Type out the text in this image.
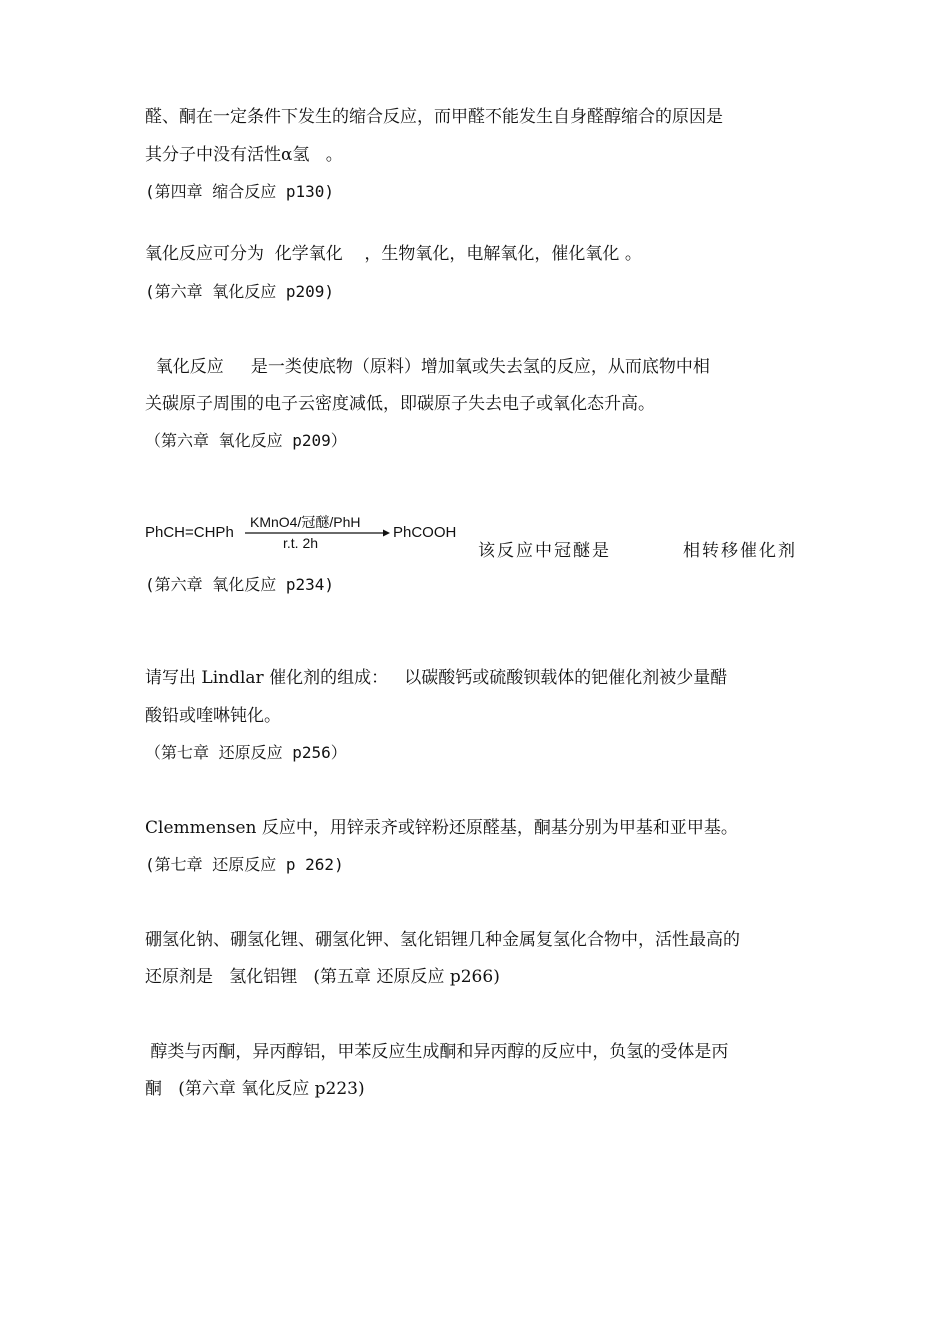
醛、酮在一定条件下发生的缩合反应，而甲醛不能发生自身醛醇缩合的原因是
其分子中没有活性α氢   。
(第四章 缩合反应 p130)
氧化反应可分为  化学氧化    ，生物氧化，电解氧化，催化氧化 。
(第六章 氧化反应 p209)
氧化反应     是一类使底物（原料）增加氧或失去氢的反应，从而底物中相
关碳原子周围的电子云密度减低，即碳原子失去电子或氧化态升高。
（第六章 氧化反应 p209）
PhCH=CHPh
KMnO4/冠醚/PhH
r.t. 2h
PhCOOH
该反应中冠醚是	相转移催化剂
(第六章 氧化反应 p234)
请写出 Lindlar 催化剂的组成：   以碳酸钙或硫酸钡载体的钯催化剂被少量醋
酸铅或喹啉钝化。
（第七章 还原反应 p256）
Clemmensen 反应中，用锌汞齐或锌粉还原醛基，酮基分别为甲基和亚甲基。
(第七章 还原反应 p 262)
硼氢化钠、硼氢化锂、硼氢化钾、氢化铝锂几种金属复氢化合物中，活性最高的
还原剂是   氢化铝锂   (第五章 还原反应 p266)
醇类与丙酮，异丙醇铝，甲苯反应生成酮和异丙醇的反应中，负氢的受体是丙
酮   (第六章 氧化反应 p223)
